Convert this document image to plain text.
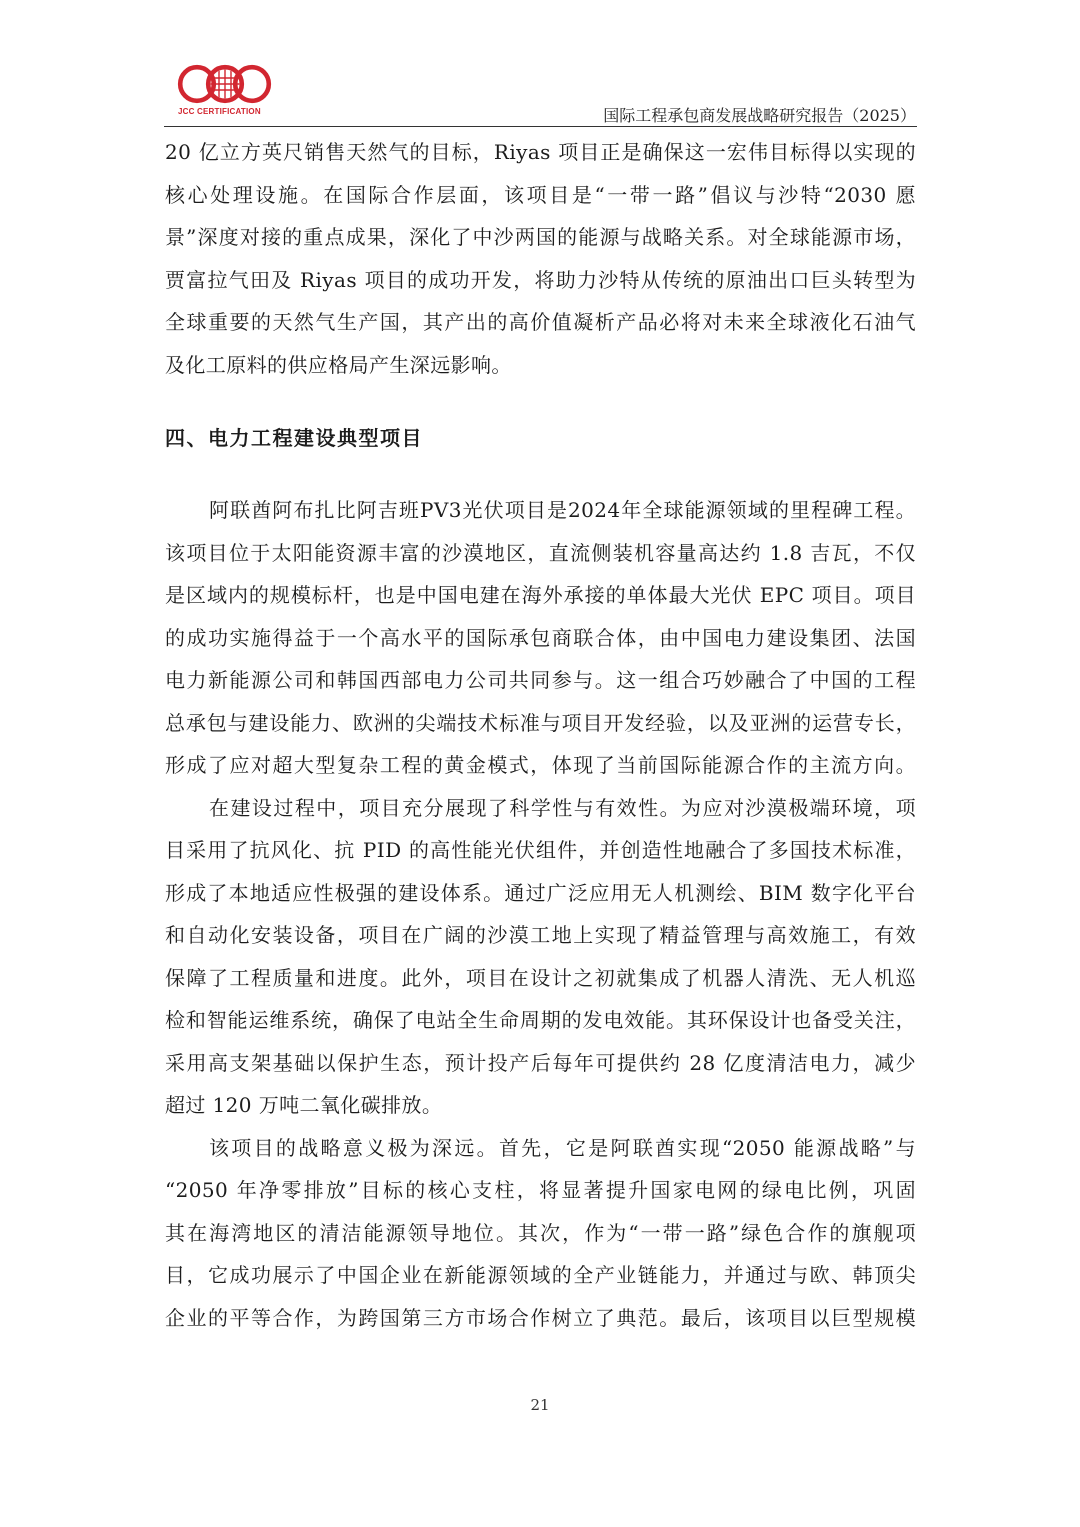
JCC CERTIFICATION	国际工程承包商发展战略研究报告（2025）
20 亿立方英尺销售天然气的目标，Riyas 项目正是确保这一宏伟目标得以实现的
核心处理设施。在国际合作层面，该项目是“一带一路”倡议与沙特“2030 愿
景”深度对接的重点成果，深化了中沙两国的能源与战略关系。对全球能源市场，
贾富拉气田及 Riyas 项目的成功开发，将助力沙特从传统的原油出口巨头转型为
全球重要的天然气生产国，其产出的高价值凝析产品必将对未来全球液化石油气
及化工原料的供应格局产生深远影响。
四、电力工程建设典型项目
阿联酋阿布扎比阿吉班PV3光伏项目是2024年全球能源领域的里程碑工程。
该项目位于太阳能资源丰富的沙漠地区，直流侧装机容量高达约 1.8 吉瓦，不仅
是区域内的规模标杆，也是中国电建在海外承接的单体最大光伏 EPC 项目。项目
的成功实施得益于一个高水平的国际承包商联合体，由中国电力建设集团、法国
电力新能源公司和韩国西部电力公司共同参与。这一组合巧妙融合了中国的工程
总承包与建设能力、欧洲的尖端技术标准与项目开发经验，以及亚洲的运营专长，
形成了应对超大型复杂工程的黄金模式，体现了当前国际能源合作的主流方向。
在建设过程中，项目充分展现了科学性与有效性。为应对沙漠极端环境，项
目采用了抗风化、抗 PID 的高性能光伏组件，并创造性地融合了多国技术标准，
形成了本地适应性极强的建设体系。通过广泛应用无人机测绘、BIM 数字化平台
和自动化安装设备，项目在广阔的沙漠工地上实现了精益管理与高效施工，有效
保障了工程质量和进度。此外，项目在设计之初就集成了机器人清洗、无人机巡
检和智能运维系统，确保了电站全生命周期的发电效能。其环保设计也备受关注，
采用高支架基础以保护生态，预计投产后每年可提供约 28 亿度清洁电力，减少
超过 120 万吨二氧化碳排放。
该项目的战略意义极为深远。首先，它是阿联酋实现“2050 能源战略”与
“2050 年净零排放”目标的核心支柱，将显著提升国家电网的绿电比例，巩固
其在海湾地区的清洁能源领导地位。其次，作为“一带一路”绿色合作的旗舰项
目，它成功展示了中国企业在新能源领域的全产业链能力，并通过与欧、韩顶尖
企业的平等合作，为跨国第三方市场合作树立了典范。最后，该项目以巨型规模
21
